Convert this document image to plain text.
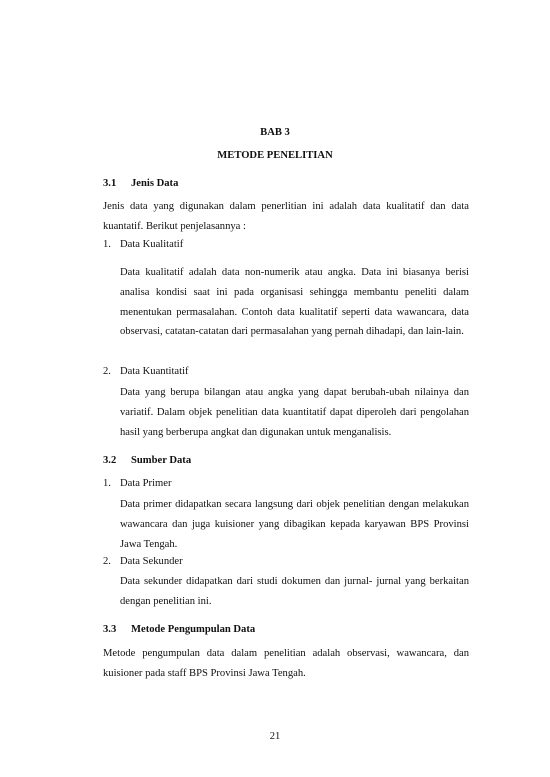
BAB 3
METODE PENELITIAN
3.1 Jenis Data

Jenis data yang digunakan dalam penerlitian ini adalah data kualitatif dan data kuantatif. Berikut penjelasannya :

1. Data Kualitatif

Data kualitatif adalah data non-numerik atau angka. Data ini biasanya berisi analisa kondisi saat ini pada organisasi sehingga membantu peneliti dalam menentukan permasalahan. Contoh data kualitatif seperti data wawancara, data observasi, catatan-catatan dari permasalahan yang pernah dihadapi, dan lain-lain.

2. Data Kuantitatif

Data yang berupa bilangan atau angka yang dapat berubah-ubah nilainya dan variatif. Dalam objek penelitian data kuantitatif dapat diperoleh dari pengolahan hasil yang berberupa angkat dan digunakan untuk menganalisis.

3.2 Sumber Data
1. Data Primer

Data primer didapatkan secara langsung dari objek penelitian dengan melakukan wawancara dan juga kuisioner yang dibagikan kepada karyawan BPS Provinsi Jawa Tengah.

2. Data Sekunder

Data sekunder didapatkan dari studi dokumen dan jurnal- jurnal yang berkaitan dengan penelitian ini.

3.3 Metode Pengumpulan Data

Metode pengumpulan data dalam penelitian adalah observasi, wawancara, dan kuisioner pada staff BPS Provinsi Jawa Tengah.

21
